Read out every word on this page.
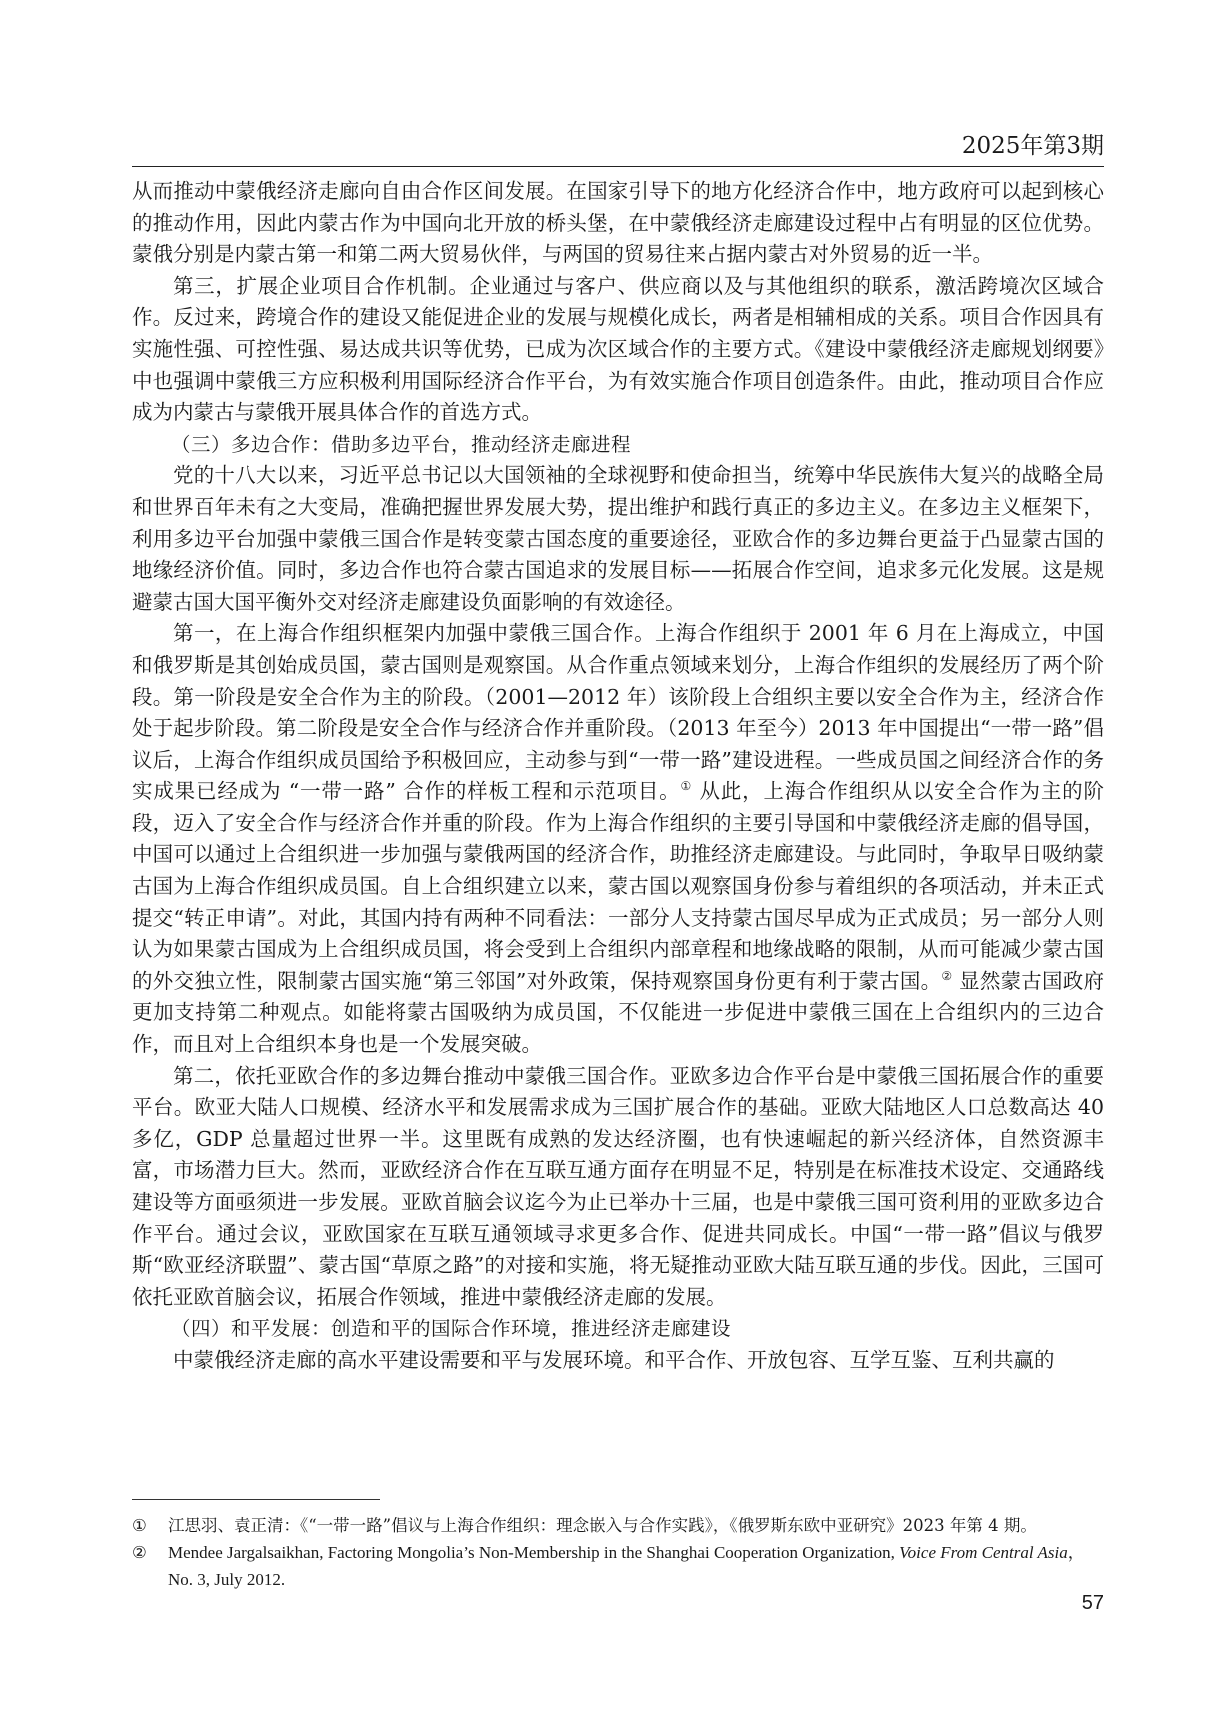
2025年第3期

从而推动中蒙俄经济走廊向自由合作区间发展。在国家引导下的地方化经济合作中，地方政府可以起到核心的推动作用，因此内蒙古作为中国向北开放的桥头堡，在中蒙俄经济走廊建设过程中占有明显的区位优势。蒙俄分别是内蒙古第一和第二两大贸易伙伴，与两国的贸易往来占据内蒙古对外贸易的近一半。

第三，扩展企业项目合作机制。企业通过与客户、供应商以及与其他组织的联系，激活跨境次区域合作。反过来，跨境合作的建设又能促进企业的发展与规模化成长，两者是相辅相成的关系。项目合作因具有实施性强、可控性强、易达成共识等优势，已成为次区域合作的主要方式。《建设中蒙俄经济走廊规划纲要》中也强调中蒙俄三方应积极利用国际经济合作平台，为有效实施合作项目创造条件。由此，推动项目合作应成为内蒙古与蒙俄开展具体合作的首选方式。

（三）多边合作：借助多边平台，推动经济走廊进程

党的十八大以来，习近平总书记以大国领袖的全球视野和使命担当，统筹中华民族伟大复兴的战略全局和世界百年未有之大变局，准确把握世界发展大势，提出维护和践行真正的多边主义。在多边主义框架下，利用多边平台加强中蒙俄三国合作是转变蒙古国态度的重要途径，亚欧合作的多边舞台更益于凸显蒙古国的地缘经济价值。同时，多边合作也符合蒙古国追求的发展目标——拓展合作空间，追求多元化发展。这是规避蒙古国大国平衡外交对经济走廊建设负面影响的有效途径。

第一，在上海合作组织框架内加强中蒙俄三国合作。上海合作组织于 2001 年 6 月在上海成立，中国和俄罗斯是其创始成员国，蒙古国则是观察国。从合作重点领域来划分，上海合作组织的发展经历了两个阶段。第一阶段是安全合作为主的阶段。（2001—2012 年）该阶段上合组织主要以安全合作为主，经济合作处于起步阶段。第二阶段是安全合作与经济合作并重阶段。（2013 年至今）2013 年中国提出“一带一路”倡议后，上海合作组织成员国给予积极回应，主动参与到“一带一路”建设进程。一些成员国之间经济合作的务实成果已经成为 “一带一路” 合作的样板工程和示范项目。① 从此，上海合作组织从以安全合作为主的阶段，迈入了安全合作与经济合作并重的阶段。作为上海合作组织的主要引导国和中蒙俄经济走廊的倡导国，中国可以通过上合组织进一步加强与蒙俄两国的经济合作，助推经济走廊建设。与此同时，争取早日吸纳蒙古国为上海合作组织成员国。自上合组织建立以来，蒙古国以观察国身份参与着组织的各项活动，并未正式提交“转正申请”。对此，其国内持有两种不同看法：一部分人支持蒙古国尽早成为正式成员；另一部分人则认为如果蒙古国成为上合组织成员国，将会受到上合组织内部章程和地缘战略的限制，从而可能减少蒙古国的外交独立性，限制蒙古国实施“第三邻国”对外政策，保持观察国身份更有利于蒙古国。② 显然蒙古国政府更加支持第二种观点。如能将蒙古国吸纳为成员国，不仅能进一步促进中蒙俄三国在上合组织内的三边合作，而且对上合组织本身也是一个发展突破。

第二，依托亚欧合作的多边舞台推动中蒙俄三国合作。亚欧多边合作平台是中蒙俄三国拓展合作的重要平台。欧亚大陆人口规模、经济水平和发展需求成为三国扩展合作的基础。亚欧大陆地区人口总数高达 40 多亿，GDP 总量超过世界一半。这里既有成熟的发达经济圈，也有快速崛起的新兴经济体，自然资源丰富，市场潜力巨大。然而，亚欧经济合作在互联互通方面存在明显不足，特别是在标准技术设定、交通路线建设等方面亟须进一步发展。亚欧首脑会议迄今为止已举办十三届，也是中蒙俄三国可资利用的亚欧多边合作平台。通过会议，亚欧国家在互联互通领域寻求更多合作、促进共同成长。中国“一带一路”倡议与俄罗斯“欧亚经济联盟”、蒙古国“草原之路”的对接和实施，将无疑推动亚欧大陆互联互通的步伐。因此，三国可依托亚欧首脑会议，拓展合作领域，推进中蒙俄经济走廊的发展。

（四）和平发展：创造和平的国际合作环境，推进经济走廊建设

中蒙俄经济走廊的高水平建设需要和平与发展环境。和平合作、开放包容、互学互鉴、互利共赢的

① 江思羽、袁正清：《“一带一路”倡议与上海合作组织：理念嵌入与合作实践》，《俄罗斯东欧中亚研究》2023 年第 4 期。

② Mendee Jargalsaikhan, Factoring Mongolia’s Non-Membership in the Shanghai Cooperation Organization, Voice From Central Asia，No. 3, July 2012.

57
